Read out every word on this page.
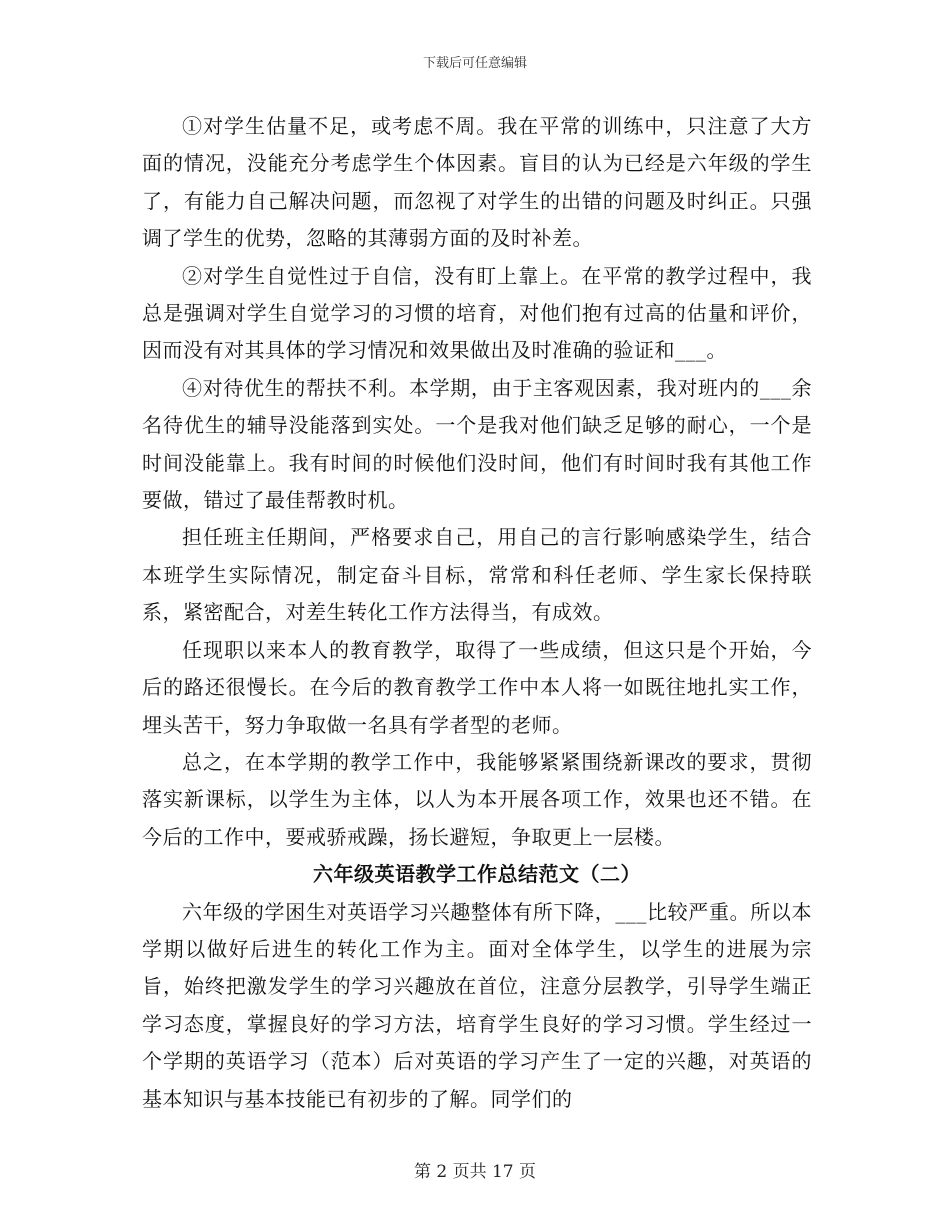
下载后可任意编辑

①对学生估量不足，或考虑不周。我在平常的训练中，只注意了大方面的情况，没能充分考虑学生个体因素。盲目的认为已经是六年级的学生了，有能力自己解决问题，而忽视了对学生的出错的问题及时纠正。只强调了学生的优势，忽略的其薄弱方面的及时补差。

②对学生自觉性过于自信，没有盯上靠上。在平常的教学过程中，我总是强调对学生自觉学习的习惯的培育，对他们抱有过高的估量和评价，因而没有对其具体的学习情况和效果做出及时准确的验证和___。

④对待优生的帮扶不利。本学期，由于主客观因素，我对班内的___余名待优生的辅导没能落到实处。一个是我对他们缺乏足够的耐心，一个是时间没能靠上。我有时间的时候他们没时间，他们有时间时我有其他工作要做，错过了最佳帮教时机。

担任班主任期间，严格要求自己，用自己的言行影响感染学生，结合本班学生实际情况，制定奋斗目标，常常和科任老师、学生家长保持联系，紧密配合，对差生转化工作方法得当，有成效。

任现职以来本人的教育教学，取得了一些成绩，但这只是个开始，今后的路还很慢长。在今后的教育教学工作中本人将一如既往地扎实工作，埋头苦干，努力争取做一名具有学者型的老师。

总之，在本学期的教学工作中，我能够紧紧围绕新课改的要求，贯彻落实新课标，以学生为主体，以人为本开展各项工作，效果也还不错。在今后的工作中，要戒骄戒躁，扬长避短，争取更上一层楼。

六年级英语教学工作总结范文（二）

六年级的学困生对英语学习兴趣整体有所下降，___比较严重。所以本学期以做好后进生的转化工作为主。面对全体学生，以学生的进展为宗旨，始终把激发学生的学习兴趣放在首位，注意分层教学，引导学生端正学习态度，掌握良好的学习方法，培育学生良好的学习习惯。学生经过一个学期的英语学习（范本）后对英语的学习产生了一定的兴趣，对英语的基本知识与基本技能已有初步的了解。同学们的

第 2 页共 17 页
